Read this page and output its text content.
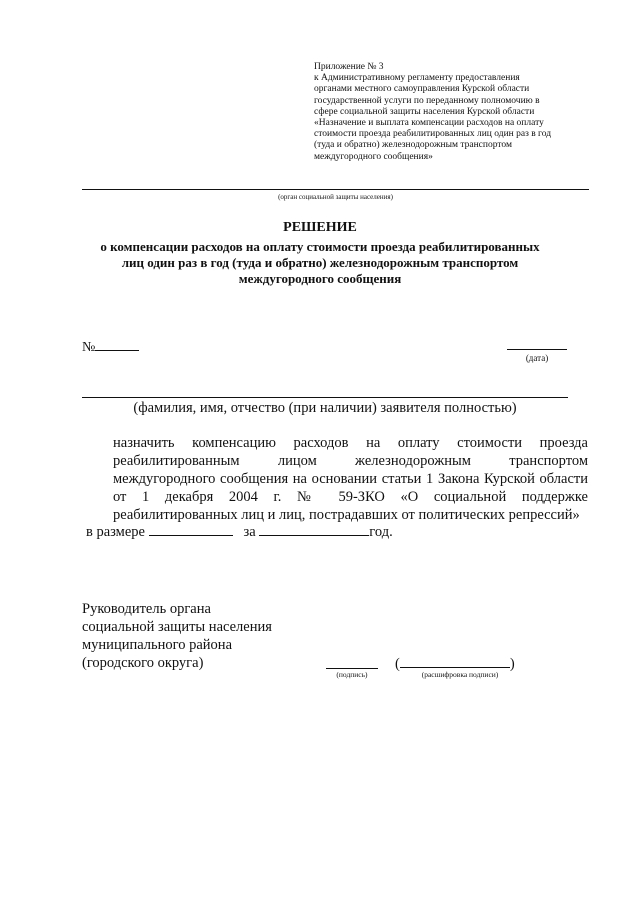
Приложение № 3
к Административному регламенту предоставления
органами местного самоуправления Курской области
государственной услуги по переданному полномочию в
сфере социальной защиты населения Курской области
«Назначение и выплата компенсации расходов на оплату
стоимости проезда реабилитированных лиц один раз в год
(туда и обратно) железнодорожным транспортом
междугородного сообщения»
(орган социальной защиты населения)
РЕШЕНИЕ
о компенсации расходов на оплату стоимости проезда реабилитированных
лиц один раз в год (туда и обратно) железнодорожным транспортом
междугородного сообщения
№
(дата)
(фамилия, имя, отчество (при наличии) заявителя полностью)
назначить компенсацию расходов на оплату стоимости проезда реабилитированным лицом железнодорожным транспортом междугородного сообщения на основании статьи 1 Закона Курской области от 1 декабря 2004 г. № 59-ЗКО «О социальной поддержке реабилитированных лиц и лиц, пострадавших от политических репрессий»
в размере	за	год.
Руководитель органа
социальной защиты населения
муниципального района
(городского округа)
(подпись)
(	)
(расшифровка подписи)
